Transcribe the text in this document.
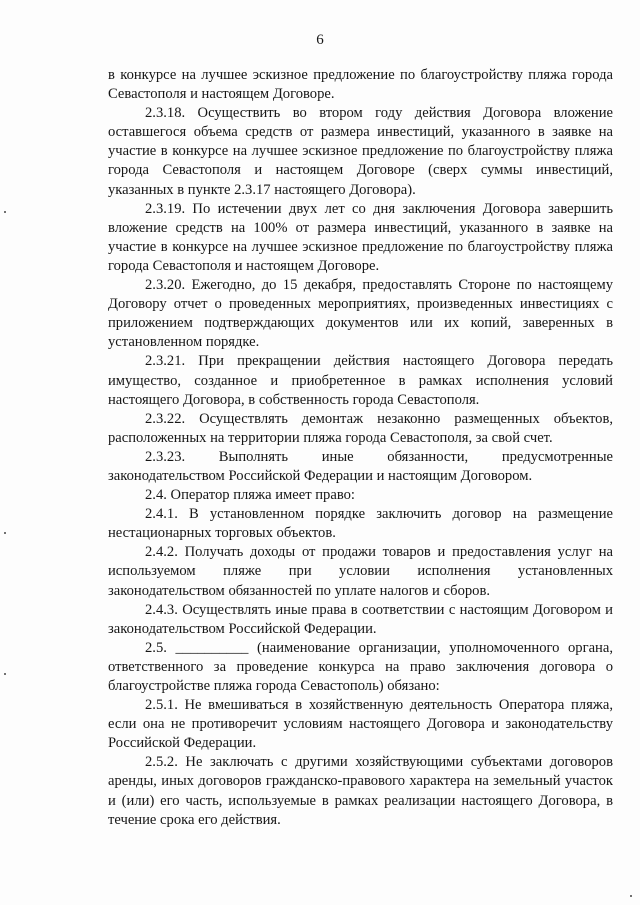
6

в конкурсе на лучшее эскизное предложение по благоустройству пляжа города Севастополя и настоящем Договоре.

2.3.18. Осуществить во втором году действия Договора вложение оставшегося объема средств от размера инвестиций, указанного в заявке на участие в конкурсе на лучшее эскизное предложение по благоустройству пляжа города Севастополя и настоящем Договоре (сверх суммы инвестиций, указанных в пункте 2.3.17 настоящего Договора).

2.3.19. По истечении двух лет со дня заключения Договора завершить вложение средств на 100% от размера инвестиций, указанного в заявке на участие в конкурсе на лучшее эскизное предложение по благоустройству пляжа города Севастополя и настоящем Договоре.

2.3.20. Ежегодно, до 15 декабря, предоставлять Стороне по настоящему Договору отчет о проведенных мероприятиях, произведенных инвестициях с приложением подтверждающих документов или их копий, заверенных в установленном порядке.

2.3.21. При прекращении действия настоящего Договора передать имущество, созданное и приобретенное в рамках исполнения условий настоящего Договора, в собственность города Севастополя.

2.3.22. Осуществлять демонтаж незаконно размещенных объектов, расположенных на территории пляжа города Севастополя, за свой счет.

2.3.23. Выполнять иные обязанности, предусмотренные законодательством Российской Федерации и настоящим Договором.

2.4. Оператор пляжа имеет право:

2.4.1. В установленном порядке заключить договор на размещение нестационарных торговых объектов.

2.4.2. Получать доходы от продажи товаров и предоставления услуг на используемом пляже при условии исполнения установленных законодательством обязанностей по уплате налогов и сборов.

2.4.3. Осуществлять иные права в соответствии с настоящим Договором и законодательством Российской Федерации.

2.5. __________ (наименование организации, уполномоченного органа, ответственного за проведение конкурса на право заключения договора о благоустройстве пляжа города Севастополь) обязано:

2.5.1. Не вмешиваться в хозяйственную деятельность Оператора пляжа, если она не противоречит условиям настоящего Договора и законодательству Российской Федерации.

2.5.2. Не заключать с другими хозяйствующими субъектами договоров аренды, иных договоров гражданско-правового характера на земельный участок и (или) его часть, используемые в рамках реализации настоящего Договора, в течение срока его действия.
